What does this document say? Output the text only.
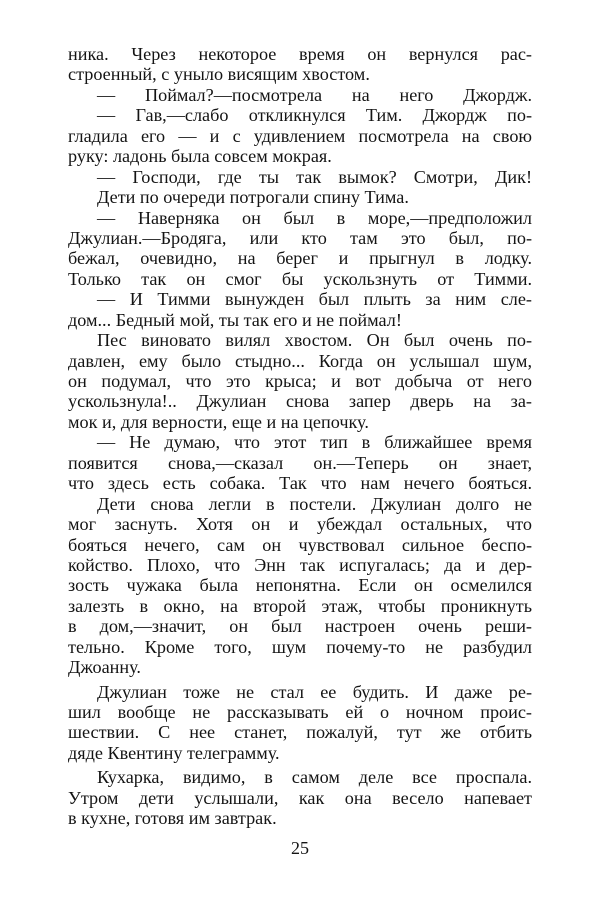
ника. Через некоторое время он вернулся рас-
строенный, с уныло висящим хвостом.
— Поймал?—посмотрела на него Джордж.
— Гав,—слабо откликнулся Тим. Джордж по-
гладила его — и с удивлением посмотрела на свою
руку: ладонь была совсем мокрая.
— Господи, где ты так вымок? Смотри, Дик!
Дети по очереди потрогали спину Тима.
— Наверняка он был в море,—предположил
Джулиан.—Бродяга, или кто там это был, по-
бежал, очевидно, на берег и прыгнул в лодку.
Только так он смог бы ускользнуть от Тимми.
— И Тимми вынужден был плыть за ним сле-
дом... Бедный мой, ты так его и не поймал!
Пес виновато вилял хвостом. Он был очень по-
давлен, ему было стыдно... Когда он услышал шум,
он подумал, что это крыса; и вот добыча от него
ускользнула!.. Джулиан снова запер дверь на за-
мок и, для верности, еще и на цепочку.
— Не думаю, что этот тип в ближайшее время
появится снова,—сказал он.—Теперь он знает,
что здесь есть собака. Так что нам нечего бояться.
Дети снова легли в постели. Джулиан долго не
мог заснуть. Хотя он и убеждал остальных, что
бояться нечего, сам он чувствовал сильное беспо-
койство. Плохо, что Энн так испугалась; да и дер-
зость чужака была непонятна. Если он осмелился
залезть в окно, на второй этаж, чтобы проникнуть
в дом,—значит, он был настроен очень реши-
тельно. Кроме того, шум почему-то не разбудил
Джоанну.
Джулиан тоже не стал ее будить. И даже ре-
шил вообще не рассказывать ей о ночном проис-
шествии. С нее станет, пожалуй, тут же отбить
дяде Квентину телеграмму.
Кухарка, видимо, в самом деле все проспала.
Утром дети услышали, как она весело напевает
в кухне, готовя им завтрак.
25
